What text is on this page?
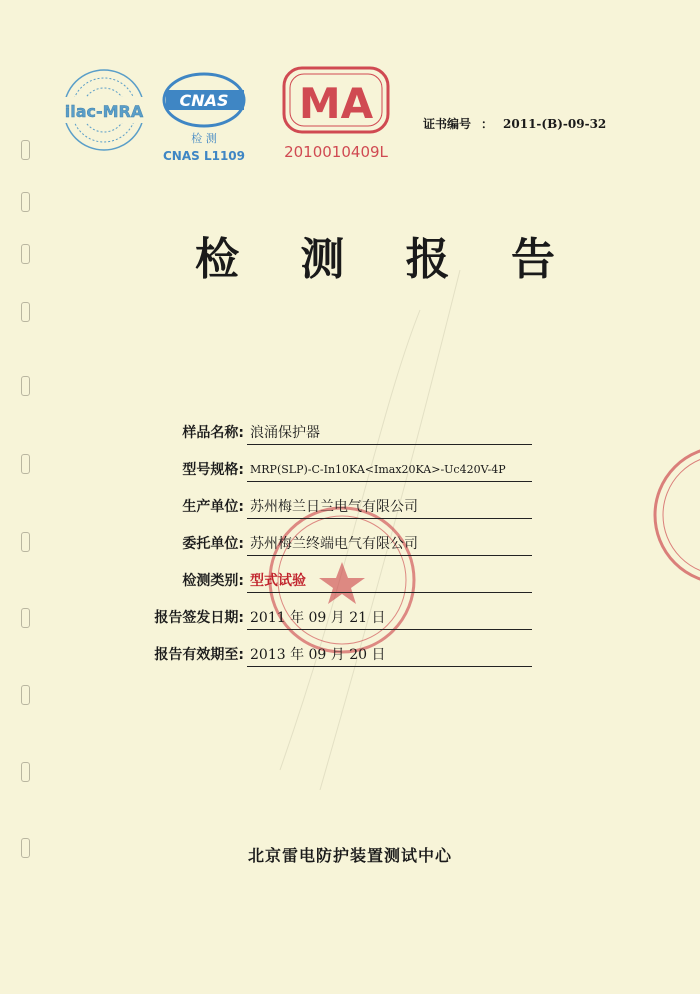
ilac-MRA
CNAS
检 测
CNAS L1109
MA
2010010409L
证书编号 ： 2011-(B)-09-32
检 测 报 告
样品名称: 浪涌保护器
型号规格: MRP(SLP)-C-In10KA<Imax20KA>-Uc420V-4P
生产单位: 苏州梅兰日兰电气有限公司
委托单位: 苏州梅兰终端电气有限公司
检测类别: 型式试验
报告签发日期: 2011 年 09 月 21 日
报告有效期至: 2013 年 09 月 20 日
北京雷电防护装置测试中心
